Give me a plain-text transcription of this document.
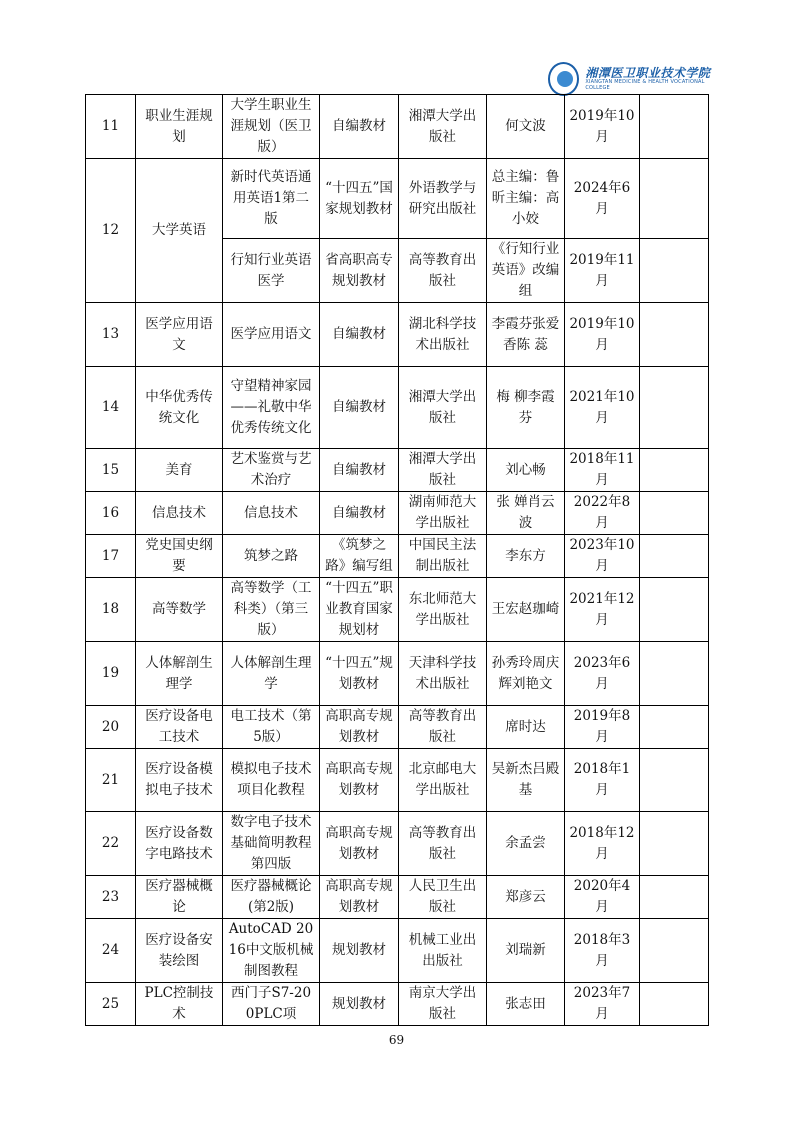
湘潭医卫职业技术学院
XIANGTAN MEDICINE & HEALTH VOCATIONAL COLLEGE
11	职业生涯规划	大学生职业生涯规划（医卫版）	自编教材	湘潭大学出版社	何文波	2019年10月	
12	大学英语	新时代英语通用英语1第二版	“十四五”国家规划教材	外语教学与研究出版社	总主编：鲁昕主编：高小姣	2024年6月	
		行知行业英语医学	省高职高专规划教材	高等教育出版社	《行知行业英语》改编组	2019年11月	
13	医学应用语文	医学应用语文	自编教材	湖北科学技术出版社	李霞芬张爱香陈 蕊	2019年10月	
14	中华优秀传统文化	守望精神家园——礼敬中华优秀传统文化	自编教材	湘潭大学出版社	梅 柳李霞芬	2021年10月	
15	美育	艺术鉴赏与艺术治疗	自编教材	湘潭大学出版社	刘心畅	2018年11月	
16	信息技术	信息技术	自编教材	湖南师范大学出版社	张 婵肖云波	2022年8月	
17	党史国史纲要	筑梦之路	《筑梦之路》编写组	中国民主法制出版社	李东方	2023年10月	
18	高等数学	高等数学（工科类）（第三版）	“十四五”职业教育国家规划材	东北师范大学出版社	王宏赵珈崎	2021年12月	
19	人体解剖生理学	人体解剖生理学	“十四五”规划教材	天津科学技术出版社	孙秀玲周庆辉刘艳文	2023年6月	
20	医疗设备电工技术	电工技术（第5版）	高职高专规划教材	高等教育出版社	席时达	2019年8月	
21	医疗设备模拟电子技术	模拟电子技术项目化教程	高职高专规划教材	北京邮电大学出版社	吴新杰吕殿基	2018年1月	
22	医疗设备数字电路技术	数字电子技术基础简明教程第四版	高职高专规划教材	高等教育出版社	余孟尝	2018年12月	
23	医疗器械概论	医疗器械概论(第2版)	高职高专规划教材	人民卫生出版社	郑彦云	2020年4月	
24	医疗设备安装绘图	AutoCAD 2016中文版机械制图教程	规划教材	机械工业出出版社	刘瑞新	2018年3月	
25	PLC控制技术	西门子S7-200PLC项	规划教材	南京大学出版社	张志田	2023年7月	
69
